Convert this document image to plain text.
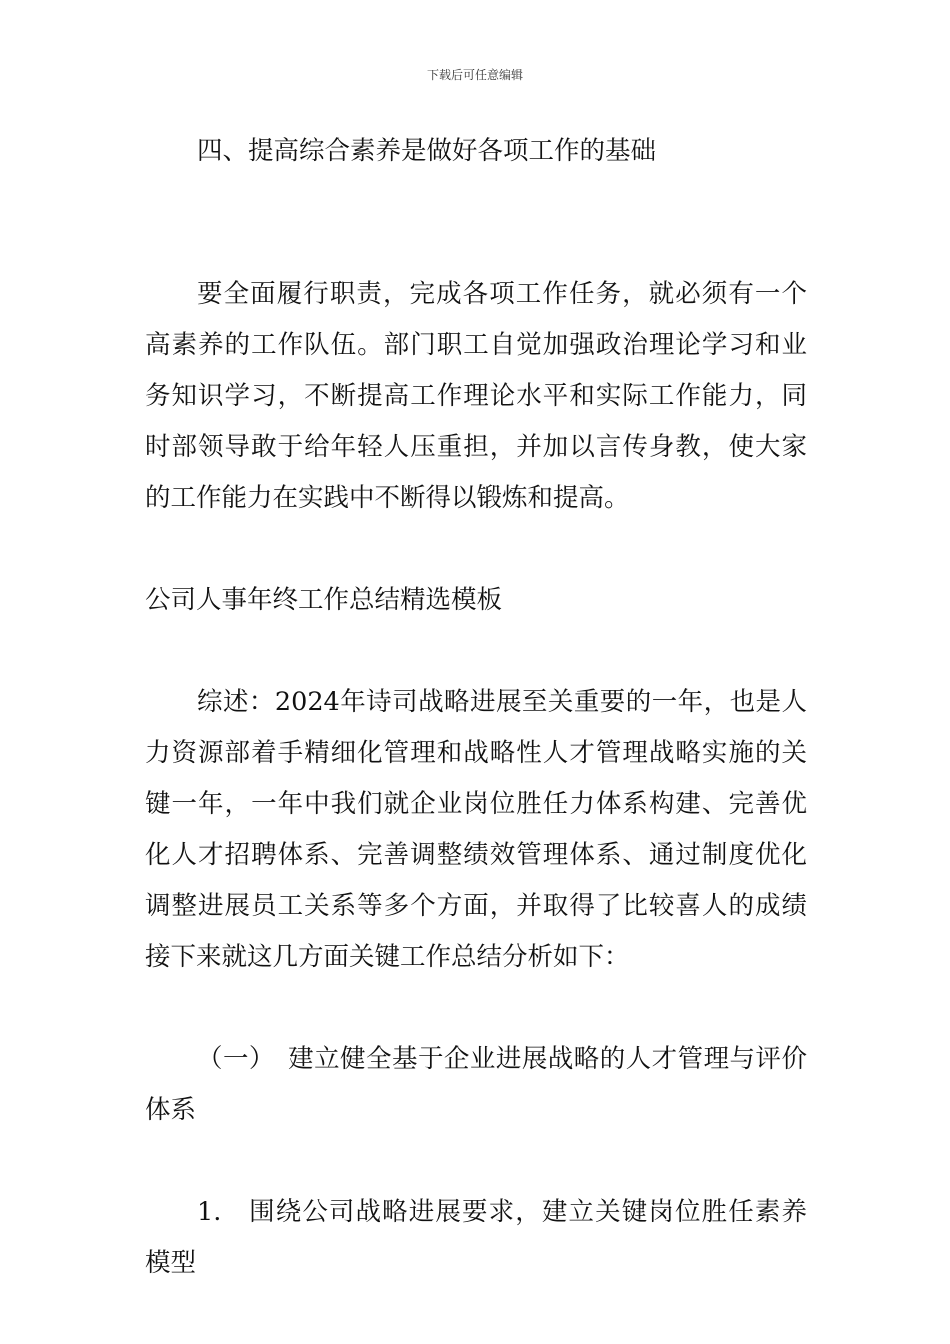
下载后可任意编辑

四、提高综合素养是做好各项工作的基础

要全面履行职责，完成各项工作任务，就必须有一个高素养的工作队伍。部门职工自觉加强政治理论学习和业务知识学习，不断提高工作理论水平和实际工作能力，同时部领导敢于给年轻人压重担，并加以言传身教，使大家的工作能力在实践中不断得以锻炼和提高。

公司人事年终工作总结精选模板

综述：2024年诗司战略进展至关重要的一年，也是人力资源部着手精细化管理和战略性人才管理战略实施的关键一年，一年中我们就企业岗位胜任力体系构建、完善优化人才招聘体系、完善调整绩效管理体系、通过制度优化调整进展员工关系等多个方面，并取得了比较喜人的成绩接下来就这几方面关键工作总结分析如下：

（一）　建立健全基于企业进展战略的人才管理与评价体系

1.　围绕公司战略进展要求，建立关键岗位胜任素养模型
